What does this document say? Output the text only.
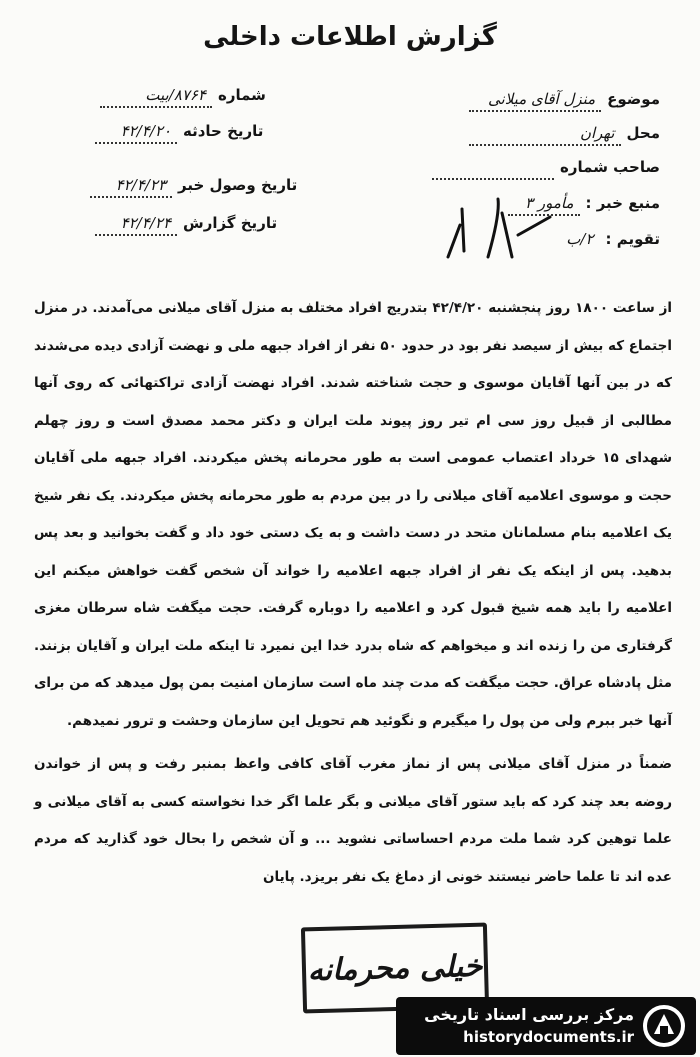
گزارش اطلاعات داخلی
موضوعمنزل آقای میلانی
محلتهران
صاحب شماره
منبع خبر :مأمور ۳
تقویم :۲/ب
شماره۸۷۶۴/بیت
تاریخ حادثه۴۲/۴/۲۰
تاریخ وصول خبر۴۲/۴/۲۳
تاریخ گزارش۴۲/۴/۲۴

از ساعت ۱۸۰۰ روز پنجشنبه ۴۲/۴/۲۰ بتدریج افراد مختلف به منزل آقای میلانی می‌آمدند. در منزل اجتماع که بیش از سیصد نفر بود در حدود ۵۰ نفر از افراد جبهه ملی و نهضت آزادی دیده می‌شدند که در بین آنها آقایان موسوی و حجت شناخته شدند. افراد نهضت آزادی تراکتهائی که روی آنها مطالبی از قبیل روز سی ام تیر روز پیوند ملت ایران و دکتر محمد مصدق است و روز چهلم شهدای ۱۵ خرداد اعتصاب عمومی است به طور محرمانه پخش میکردند. افراد جبهه ملی آقایان حجت و موسوی اعلامیه آقای میلانی را در بین مردم به طور محرمانه پخش میکردند. یک نفر شیخ یک اعلامیه بنام مسلمانان متحد در دست داشت و به یک دستی خود داد و گفت بخوانید و بعد پس بدهید. پس از اینکه یک نفر از افراد جبهه اعلامیه را خواند آن شخص گفت خواهش میکنم این اعلامیه را باید همه شیخ قبول کرد و اعلامیه را دوباره گرفت. حجت میگفت شاه سرطان مغزی گرفتاری من را زنده اند و میخواهم که شاه بدرد خدا این نمیرد تا اینکه ملت ایران و آقایان بزنند. مثل پادشاه عراق. حجت میگفت که مدت چند ماه است سازمان امنیت بمن پول میدهد که من برای آنها خبر ببرم ولی من پول را میگیرم و نگوئید هم تحویل این سازمان وحشت و ترور نمیدهم.

ضمناً در منزل آقای میلانی پس از نماز مغرب آقای کافی واعظ بمنبر رفت و پس از خواندن روضه بعد چند کرد که باید ستور آقای میلانی و بگر علما اگر خدا نخواسته کسی به آقای میلانی و علما توهین کرد شما ملت مردم احساساتی نشوید ... و آن شخص را بحال خود گذارید که مردم عده اند تا علما حاضر نیستند خونی از دماغ یک نفر بریزد. پایان

خیلی محرمانه
مرکز بررسی اسناد تاریخی
historydocuments.ir
